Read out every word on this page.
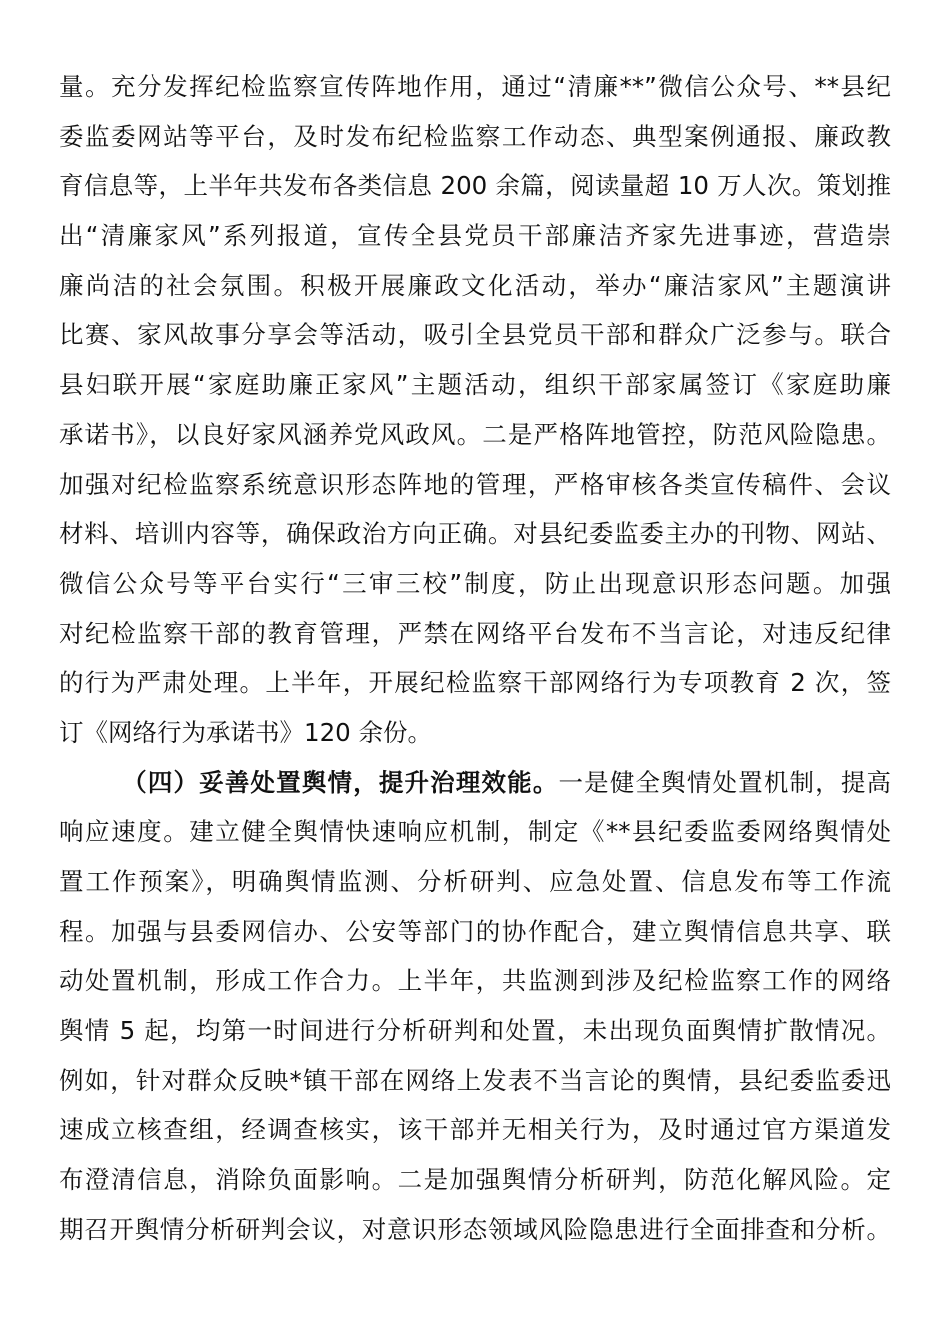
量。充分发挥纪检监察宣传阵地作用，通过“清廉**”微信公众号、**县纪
委监委网站等平台，及时发布纪检监察工作动态、典型案例通报、廉政教
育信息等，上半年共发布各类信息 200 余篇，阅读量超 10 万人次。策划推
出“清廉家风”系列报道，宣传全县党员干部廉洁齐家先进事迹，营造崇
廉尚洁的社会氛围。积极开展廉政文化活动，举办“廉洁家风”主题演讲
比赛、家风故事分享会等活动，吸引全县党员干部和群众广泛参与。联合
县妇联开展“家庭助廉正家风”主题活动，组织干部家属签订《家庭助廉
承诺书》，以良好家风涵养党风政风。二是严格阵地管控，防范风险隐患。
加强对纪检监察系统意识形态阵地的管理，严格审核各类宣传稿件、会议
材料、培训内容等，确保政治方向正确。对县纪委监委主办的刊物、网站、
微信公众号等平台实行“三审三校”制度，防止出现意识形态问题。加强
对纪检监察干部的教育管理，严禁在网络平台发布不当言论，对违反纪律
的行为严肃处理。上半年，开展纪检监察干部网络行为专项教育 2 次，签
订《网络行为承诺书》120 余份。
（四）妥善处置舆情，提升治理效能。一是健全舆情处置机制，提高
响应速度。建立健全舆情快速响应机制，制定《**县纪委监委网络舆情处
置工作预案》，明确舆情监测、分析研判、应急处置、信息发布等工作流
程。加强与县委网信办、公安等部门的协作配合，建立舆情信息共享、联
动处置机制，形成工作合力。上半年，共监测到涉及纪检监察工作的网络
舆情 5 起，均第一时间进行分析研判和处置，未出现负面舆情扩散情况。
例如，针对群众反映*镇干部在网络上发表不当言论的舆情，县纪委监委迅
速成立核查组，经调查核实，该干部并无相关行为，及时通过官方渠道发
布澄清信息，消除负面影响。二是加强舆情分析研判，防范化解风险。定
期召开舆情分析研判会议，对意识形态领域风险隐患进行全面排查和分析。
